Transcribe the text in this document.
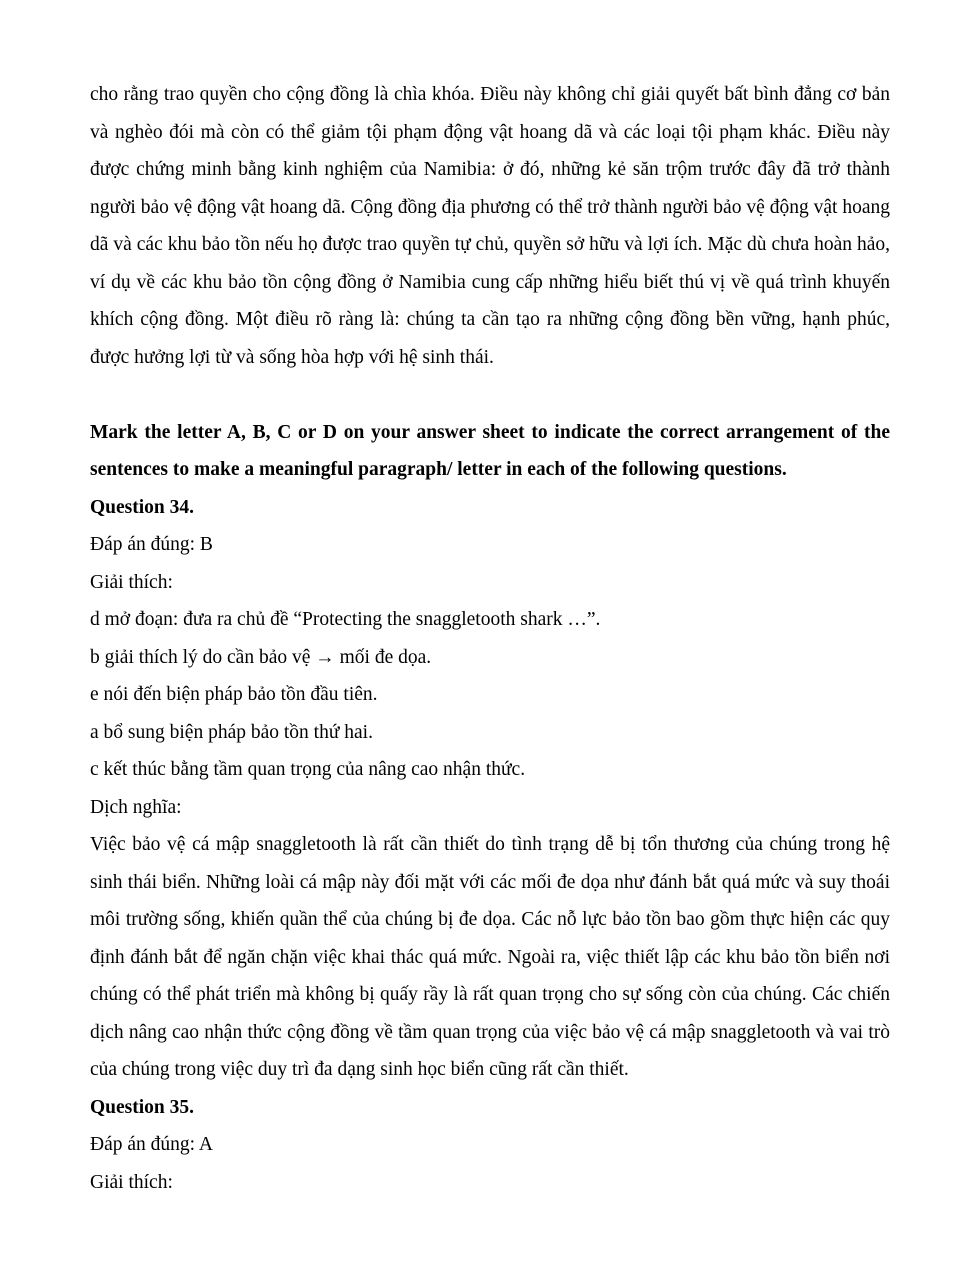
cho rằng trao quyền cho cộng đồng là chìa khóa. Điều này không chỉ giải quyết bất bình đẳng cơ bản và nghèo đói mà còn có thể giảm tội phạm động vật hoang dã và các loại tội phạm khác. Điều này được chứng minh bằng kinh nghiệm của Namibia: ở đó, những kẻ săn trộm trước đây đã trở thành người bảo vệ động vật hoang dã. Cộng đồng địa phương có thể trở thành người bảo vệ động vật hoang dã và các khu bảo tồn nếu họ được trao quyền tự chủ, quyền sở hữu và lợi ích. Mặc dù chưa hoàn hảo, ví dụ về các khu bảo tồn cộng đồng ở Namibia cung cấp những hiểu biết thú vị về quá trình khuyến khích cộng đồng. Một điều rõ ràng là: chúng ta cần tạo ra những cộng đồng bền vững, hạnh phúc, được hưởng lợi từ và sống hòa hợp với hệ sinh thái.

Mark the letter A, B, C or D on your answer sheet to indicate the correct arrangement of the sentences to make a meaningful paragraph/ letter in each of the following questions.

Question 34.

Đáp án đúng: B

Giải thích:

d mở đoạn: đưa ra chủ đề “Protecting the snaggletooth shark …”.

b giải thích lý do cần bảo vệ → mối đe dọa.

e nói đến biện pháp bảo tồn đầu tiên.

a bổ sung biện pháp bảo tồn thứ hai.

c kết thúc bằng tầm quan trọng của nâng cao nhận thức.

Dịch nghĩa:

Việc bảo vệ cá mập snaggletooth là rất cần thiết do tình trạng dễ bị tổn thương của chúng trong hệ sinh thái biển. Những loài cá mập này đối mặt với các mối đe dọa như đánh bắt quá mức và suy thoái môi trường sống, khiến quần thể của chúng bị đe dọa. Các nỗ lực bảo tồn bao gồm thực hiện các quy định đánh bắt để ngăn chặn việc khai thác quá mức. Ngoài ra, việc thiết lập các khu bảo tồn biển nơi chúng có thể phát triển mà không bị quấy rầy là rất quan trọng cho sự sống còn của chúng. Các chiến dịch nâng cao nhận thức cộng đồng về tầm quan trọng của việc bảo vệ cá mập snaggletooth và vai trò của chúng trong việc duy trì đa dạng sinh học biển cũng rất cần thiết.

Question 35.

Đáp án đúng: A

Giải thích:
